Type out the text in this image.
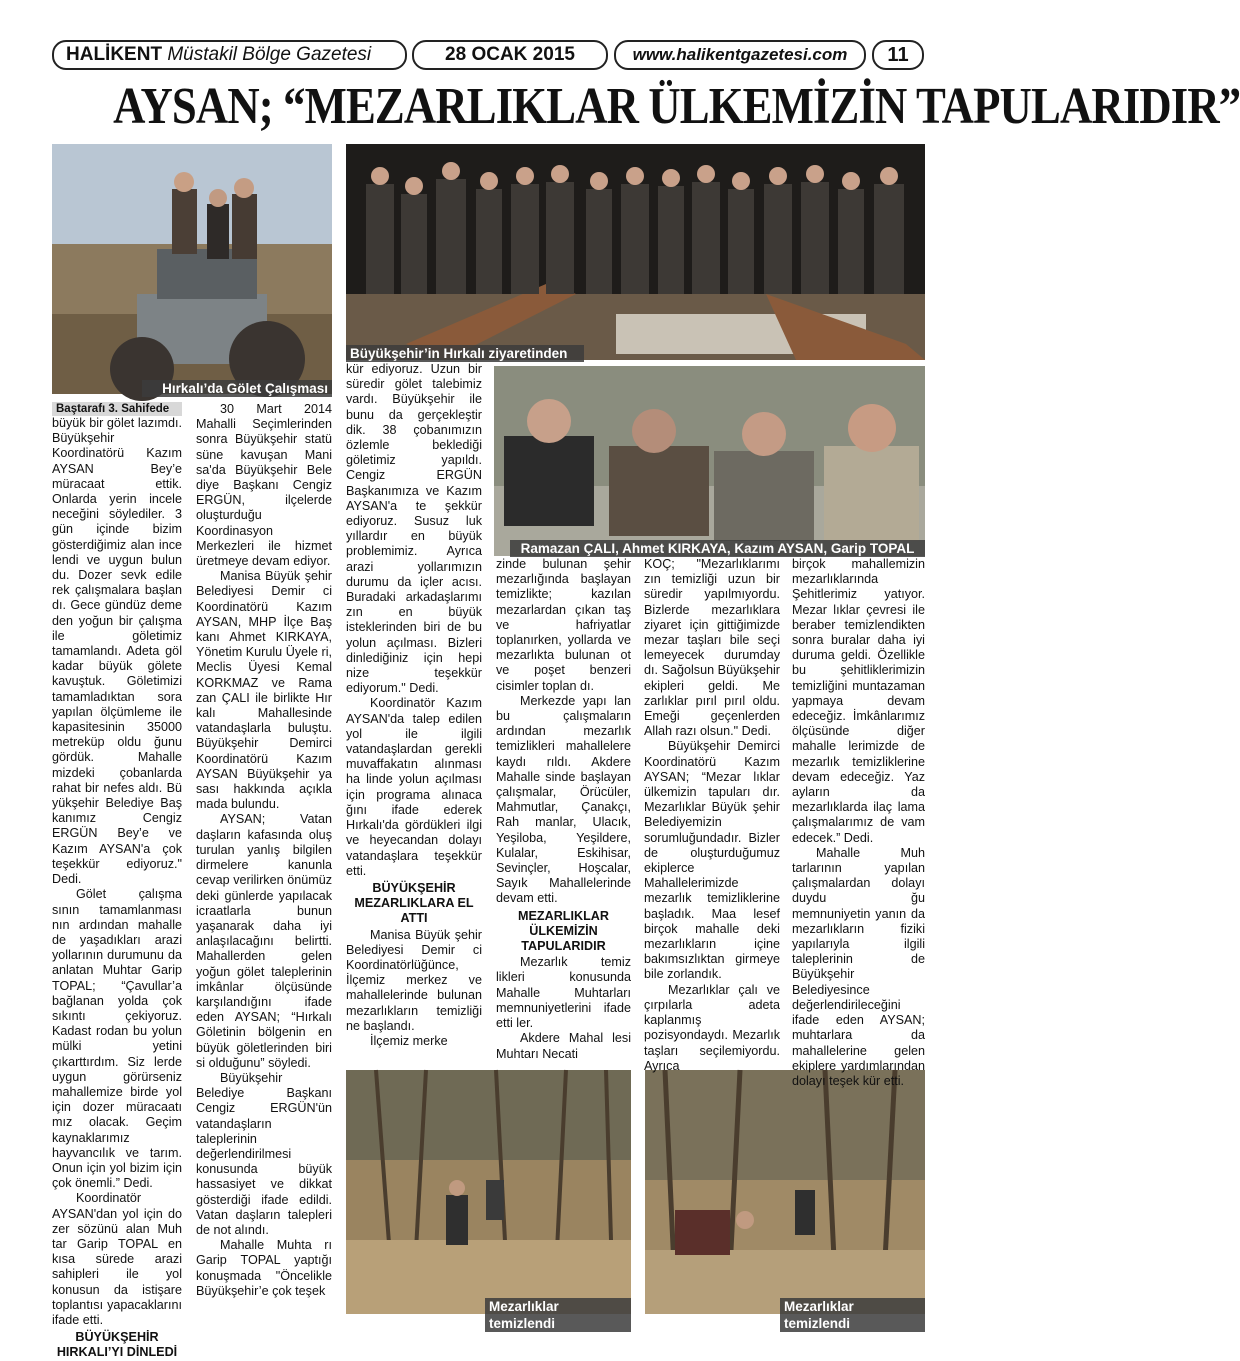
HALİKENT Müstakil Bölge Gazetesi	28 OCAK 2015	www.halikentgazetesi.com	11
AYSAN; “MEZARLIKLAR ÜLKEMİZİN TAPULARIDIR”
Hırkalı’da Gölet Çalışması
Büyükşehir’in Hırkalı ziyaretinden
Ramazan ÇALI, Ahmet KIRKAYA, Kazım AYSAN, Garip TOPAL
Mezarlıklar temizlendi
Mezarlıklar temizlendi
Baştarafı 3. Sahifede

büyük bir gölet lazımdı. Büyükşehir Koordinatörü Kazım AYSAN Bey’e müracaat ettik. Onlarda yerin incele neceğini söylediler. 3 gün içinde bizim gösterdiğimiz alan ince lendi ve uygun bulun du. Dozer sevk edile rek çalışmalara başlan dı. Gece gündüz deme den yoğun bir çalışma ile göletimiz tamamlandı. Adeta göl kadar büyük gölete kavuştuk. Göletimizi tamamladıktan sora yapılan ölçümleme ile kapasitesinin 35000 metreküp oldu ğunu gördük. Mahalle mizdeki çobanlarda rahat bir nefes aldı. Bü yükşehir Belediye Baş kanımız Cengiz ERGÜN Bey’e ve Kazım AYSAN'a çok teşekkür ediyoruz." Dedi.

Gölet çalışma sının tamamlanması nın ardından mahalle de yaşadıkları arazi yollarının durumunu da anlatan Muhtar Garip TOPAL; “Çavullar’a bağlanan yolda çok sıkıntı çekiyoruz. Kadast rodan bu yolun mülki yetini çıkarttırdım. Siz lerde uygun görürseniz mahallemize birde yol için dozer müracaatı mız olacak. Geçim kaynaklarımız hayvancılık ve tarım. Onun için yol bizim için çok önemli.” Dedi.

Koordinatör AYSAN'dan yol için do zer sözünü alan Muh tar Garip TOPAL en kısa sürede arazi sahipleri ile yol konusun da istişare toplantısı yapacaklarını ifade etti.

BÜYÜKŞEHİR HIRKALI’YI DİNLEDİ

30 Mart 2014 Mahalli Seçimlerinden sonra Büyükşehir statü süne kavuşan Mani sa'da Büyükşehir Bele diye Başkanı Cengiz ERGÜN, ilçelerde oluşturduğu Koordinasyon Merkezleri ile hizmet üretmeye devam ediyor.

Manisa Büyük şehir Belediyesi Demir ci Koordinatörü Kazım AYSAN, MHP İlçe Baş kanı Ahmet KIRKAYA, Yönetim Kurulu Üyele ri, Meclis Üyesi Kemal KORKMAZ ve Rama zan ÇALI ile birlikte Hır kalı Mahallesinde vatandaşlarla buluştu. Büyükşehir Demirci Koordinatörü Kazım AYSAN Büyükşehir ya sası hakkında açıkla mada bulundu.

AYSAN; Vatan daşların kafasında oluş turulan yanlış bilgilen dirmelere kanunla cevap verilirken önümüz deki günlerde yapılacak icraatlarla bunun yaşanarak daha iyi anlaşılacağını belirtti. Mahallerden gelen yoğun gölet taleplerinin imkânlar ölçüsünde karşılandığını ifade eden AYSAN; “Hırkalı Göletinin bölgenin en büyük göletlerinden biri si olduğunu” söyledi.

Büyükşehir Belediye Başkanı Cengiz ERGÜN'ün vatandaşların taleplerinin değerlendirilmesi konusunda büyük hassasiyet ve dikkat gösterdiği ifade edildi. Vatan daşların talepleri de not alındı.

Mahalle Muhta rı Garip TOPAL yaptığı konuşmada "Öncelikle Büyükşehir’e çok teşek

kür ediyoruz. Uzun bir süredir gölet talebimiz vardı. Büyükşehir ile bunu da gerçekleştir dik. 38 çobanımızın özlemle beklediği göletimiz yapıldı. Cengiz ERGÜN Başkanımıza ve Kazım AYSAN'a te şekkür ediyoruz. Susuz luk yıllardır en büyük problemimiz. Ayrıca arazi yollarımızın durumu da içler acısı. Buradaki arkadaşlarımı zın en büyük isteklerinden biri de bu yolun açılması. Bizleri dinlediğiniz için hepi nize teşekkür ediyorum." Dedi.

Koordinatör Kazım AYSAN'da talep edilen yol ile ilgili vatandaşlardan gerekli muvaffakatın alınması ha linde yolun açılması için programa alınaca ğını ifade ederek Hırkalı'da gördükleri ilgi ve heyecandan dolayı vatandaşlara teşekkür etti.

BÜYÜKŞEHİR MEZARLIKLARA EL ATTI

Manisa Büyük şehir Belediyesi Demir ci Koordinatörlüğünce, İlçemiz merkez ve mahallelerinde bulunan mezarlıkların temizliği ne başlandı.

İlçemiz merke

zinde bulunan şehir mezarlığında başlayan temizlikte; kazılan mezarlardan çıkan taş ve hafriyatlar toplanırken, yollarda ve mezarlıkta bulunan ot ve poşet benzeri cisimler toplan dı.

Merkezde yapı lan bu çalışmaların ardından mezarlık temizlikleri mahallelere kaydı rıldı. Akdere Mahalle sinde başlayan çalışmalar, Örücüler, Mahmutlar, Çanakçı, Rah manlar, Ulacık, Yeşiloba, Yeşildere, Kulalar, Eskihisar, Sevinçler, Hoşcalar, Sayık Mahallelerinde devam etti.

MEZARLIKLAR ÜLKEMİZİN TAPULARIDIR

Mezarlık temiz likleri konusunda Mahalle Muhtarları memnuniyetlerini ifade etti ler.

Akdere Mahal lesi Muhtarı Necati

KOÇ; "Mezarlıklarımı zın temizliği uzun bir süredir yapılmıyordu. Bizlerde mezarlıklara ziyaret için gittiğimizde mezar taşları bile seçi lemeyecek durumday dı. Sağolsun Büyükşehir ekipleri geldi. Me zarlıklar pırıl pırıl oldu. Emeği geçenlerden Allah razı olsun." Dedi.

Büyükşehir Demirci Koordinatörü Kazım AYSAN; “Mezar lıklar ülkemizin tapuları dır. Mezarlıklar Büyük şehir Belediyemizin sorumluğundadır. Bizler de oluşturduğumuz ekiplerce Mahallelerimizde mezarlık temizliklerine başladık. Maa lesef birçok mahalle deki mezarlıkların içine bakımsızlıktan girmeye bile zorlandık.

Mezarlıklar çalı ve çırpılarla adeta kaplanmış pozisyondaydı. Mezarlık taşları seçilemiyordu. Ayrıca

birçok mahallemizin mezarlıklarında Şehitlerimiz yatıyor. Mezar lıklar çevresi ile beraber temizlendikten sonra buralar daha iyi duruma geldi. Özellikle bu şehitliklerimizin temizliğini muntazaman yapmaya devam edeceğiz. İmkânlarımız ölçüsünde diğer mahalle lerimizde de mezarlık temizliklerine devam edeceğiz. Yaz ayların da mezarlıklarda ilaç lama çalışmalarımız de vam edecek.” Dedi.

Mahalle Muh tarlarının yapılan çalışmalardan dolayı duydu ğu memnuniyetin yanın da mezarlıkların fiziki yapılarıyla ilgili taleplerinin de Büyükşehir Belediyesince değerlendirileceğini ifade eden AYSAN; muhtarlara da mahallelerine gelen ekiplere yardımlarından dolayı teşek kür etti.
